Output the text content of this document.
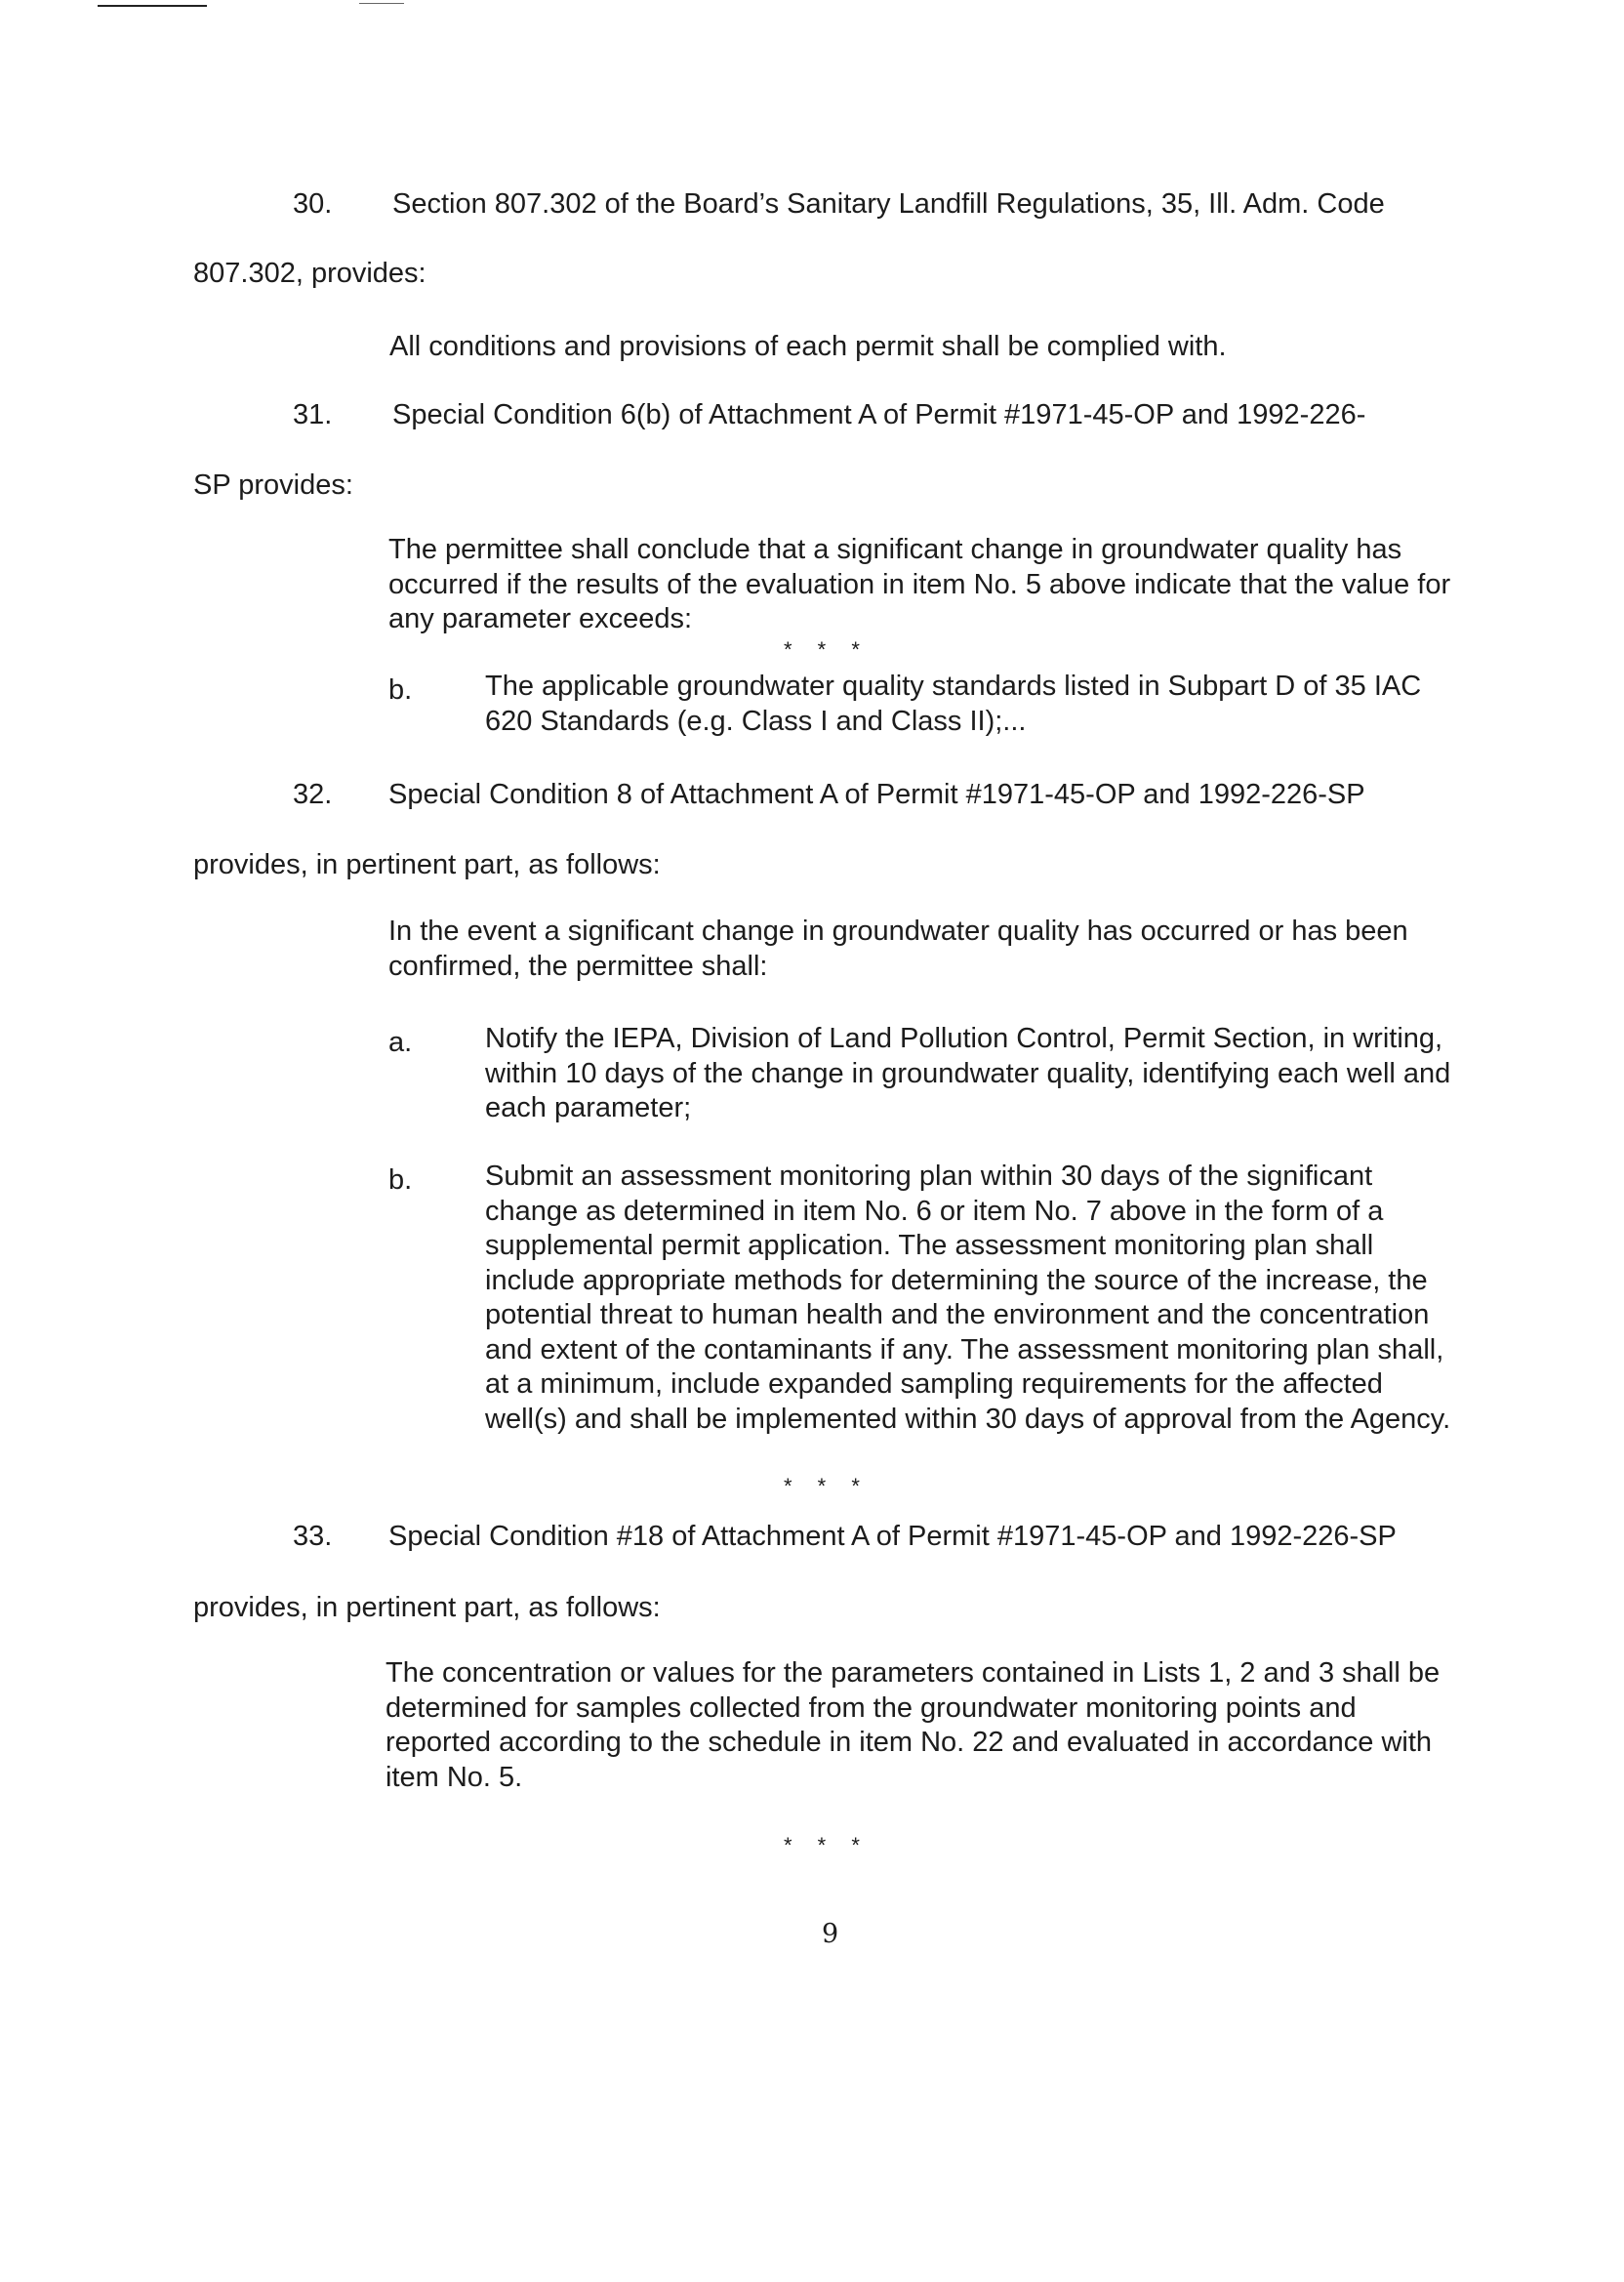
30. Section 807.302 of the Board’s Sanitary Landfill Regulations, 35, Ill. Adm. Code
807.302, provides:
All conditions and provisions of each permit shall be complied with.
31. Special Condition 6(b) of Attachment A of Permit #1971-45-OP and 1992-226-
SP provides:
The permittee shall conclude that a significant change in groundwater quality has occurred if the results of the evaluation in item No. 5 above indicate that the value for any parameter exceeds:
* * *
b.	The applicable groundwater quality standards listed in Subpart D of 35 IAC 620 Standards (e.g. Class I and Class II);...
32. Special Condition 8 of Attachment A of Permit #1971-45-OP and 1992-226-SP
provides, in pertinent part, as follows:
In the event a significant change in groundwater quality has occurred or has been confirmed, the permittee shall:
a.	Notify the IEPA, Division of Land Pollution Control, Permit Section, in writing, within 10 days of the change in groundwater quality, identifying each well and each parameter;
b.	Submit an assessment monitoring plan within 30 days of the significant change as determined in item No. 6 or item No. 7 above in the form of a supplemental permit application. The assessment monitoring plan shall include appropriate methods for determining the source of the increase, the potential threat to human health and the environment and the concentration and extent of the contaminants if any. The assessment monitoring plan shall, at a minimum, include expanded sampling requirements for the affected well(s) and shall be implemented within 30 days of approval from the Agency.
* * *
33. Special Condition #18 of Attachment A of Permit #1971-45-OP and 1992-226-SP
provides, in pertinent part, as follows:
The concentration or values for the parameters contained in Lists 1, 2 and 3 shall be determined for samples collected from the groundwater monitoring points and reported according to the schedule in item No. 22 and evaluated in accordance with item No. 5.
* * *
9
